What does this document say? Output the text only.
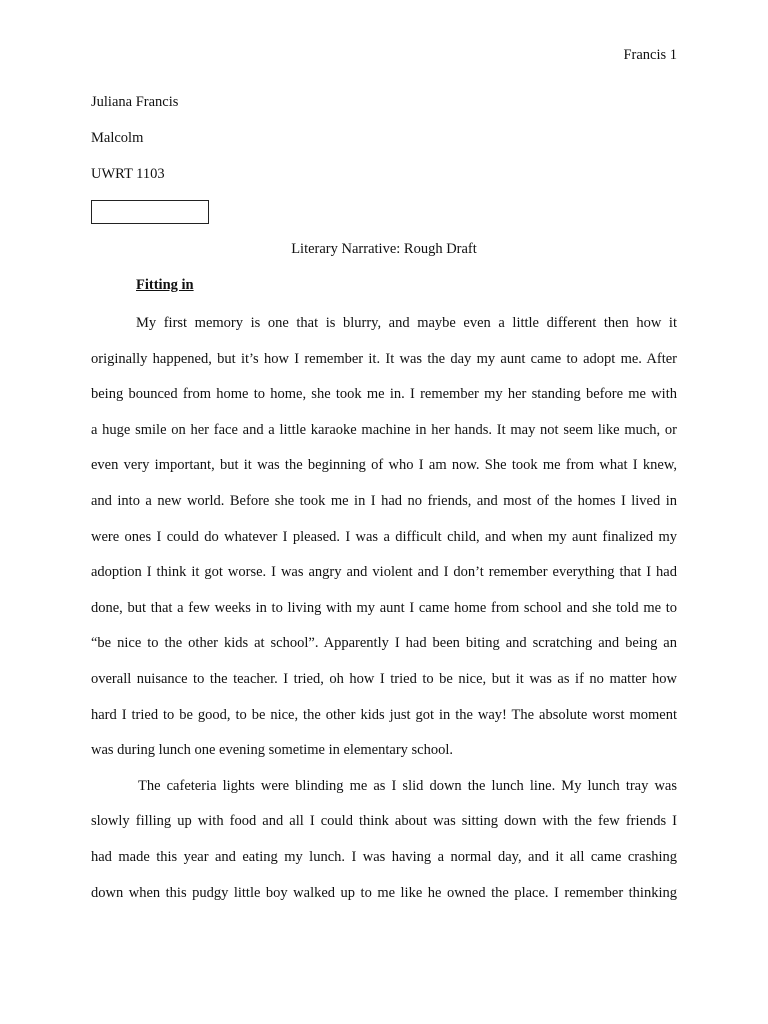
Francis 1
Juliana Francis
Malcolm
UWRT 1103
Literary Narrative: Rough Draft
Fitting in
My first memory is one that is blurry, and maybe even a little different then how it
originally happened, but it’s how I remember it. It was the day my aunt came to adopt me. After
being bounced from home to home, she took me in. I remember my her standing before me with
a huge smile on her face and a little karaoke machine in her hands. It may not seem like much, or
even very important, but it was the beginning of who I am now. She took me from what I knew,
and into a new world. Before she took me in I had no friends, and most of the homes I lived in
were ones I could do whatever I pleased. I was a difficult child, and when my aunt finalized my
adoption I think it got worse. I was angry and violent and I don’t remember everything that I had
done, but that a few weeks in to living with my aunt I came home from school and she told me to
“be nice to the other kids at school”. Apparently I had been biting and scratching and being an
overall nuisance to the teacher. I tried, oh how I tried to be nice, but it was as if no matter how
hard I tried to be good, to be nice, the other kids just got in the way! The absolute worst moment
was during lunch one evening sometime in elementary school.
The cafeteria lights were blinding me as I slid down the lunch line. My lunch tray was
slowly filling up with food and all I could think about was sitting down with the few friends I
had made this year and eating my lunch. I was having a normal day, and it all came crashing
down when this pudgy little boy walked up to me like he owned the place. I remember thinking
